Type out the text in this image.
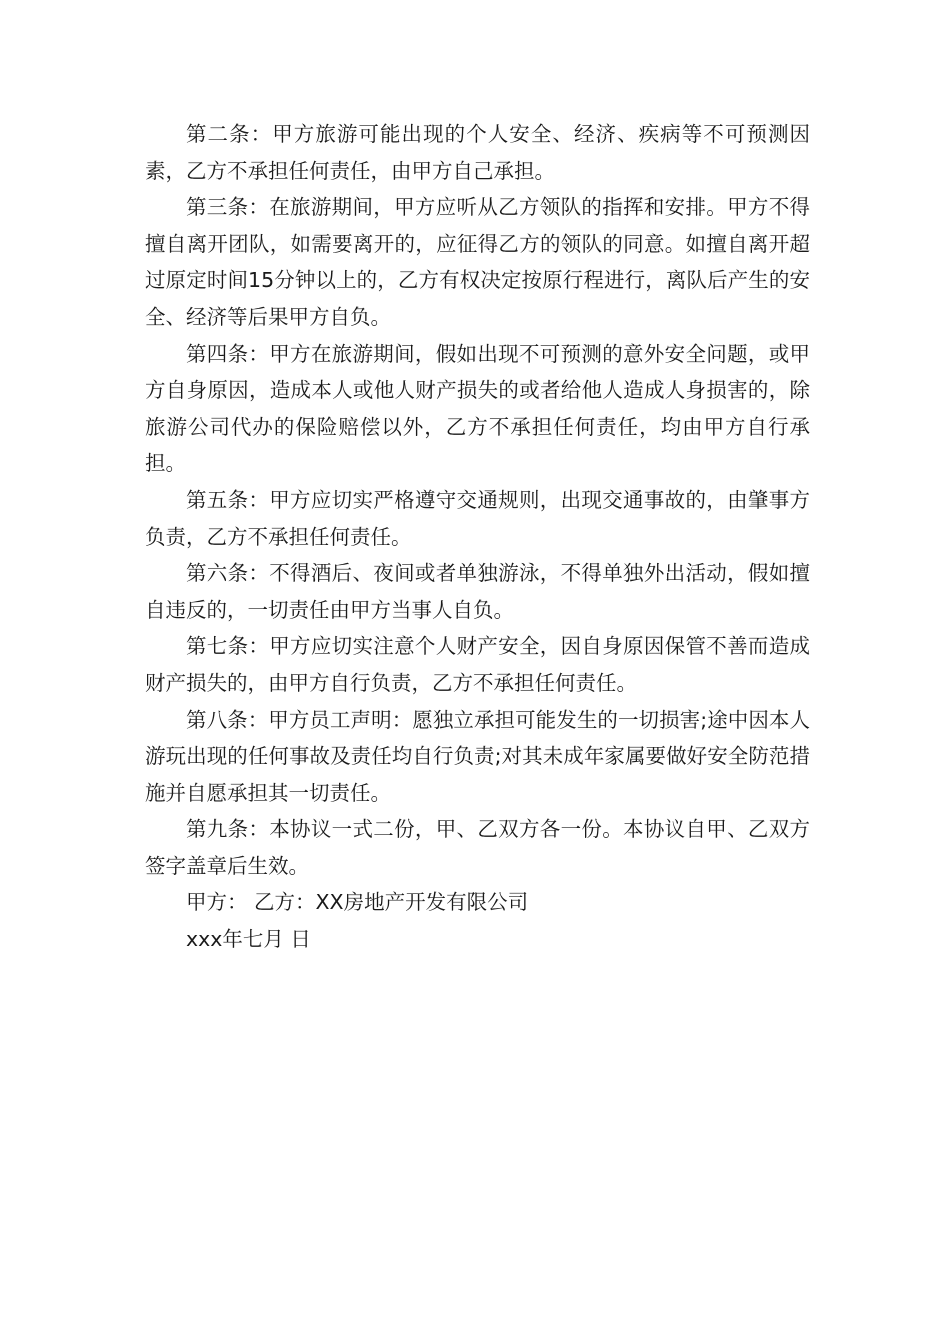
第二条：甲方旅游可能出现的个人安全、经济、疾病等不可预测因素，乙方不承担任何责任，由甲方自己承担。

第三条：在旅游期间，甲方应听从乙方领队的指挥和安排。甲方不得擅自离开团队，如需要离开的，应征得乙方的领队的同意。如擅自离开超过原定时间15分钟以上的，乙方有权决定按原行程进行，离队后产生的安全、经济等后果甲方自负。

第四条：甲方在旅游期间，假如出现不可预测的意外安全问题，或甲方自身原因，造成本人或他人财产损失的或者给他人造成人身损害的，除旅游公司代办的保险赔偿以外，乙方不承担任何责任，均由甲方自行承担。

第五条：甲方应切实严格遵守交通规则，出现交通事故的，由肇事方负责，乙方不承担任何责任。

第六条：不得酒后、夜间或者单独游泳，不得单独外出活动，假如擅自违反的，一切责任由甲方当事人自负。

第七条：甲方应切实注意个人财产安全，因自身原因保管不善而造成财产损失的，由甲方自行负责，乙方不承担任何责任。

第八条：甲方员工声明：愿独立承担可能发生的一切损害;途中因本人游玩出现的任何事故及责任均自行负责;对其未成年家属要做好安全防范措施并自愿承担其一切责任。

第九条：本协议一式二份，甲、乙双方各一份。本协议自甲、乙双方签字盖章后生效。

甲方： 乙方：XX房地产开发有限公司

xxx年七月 日
